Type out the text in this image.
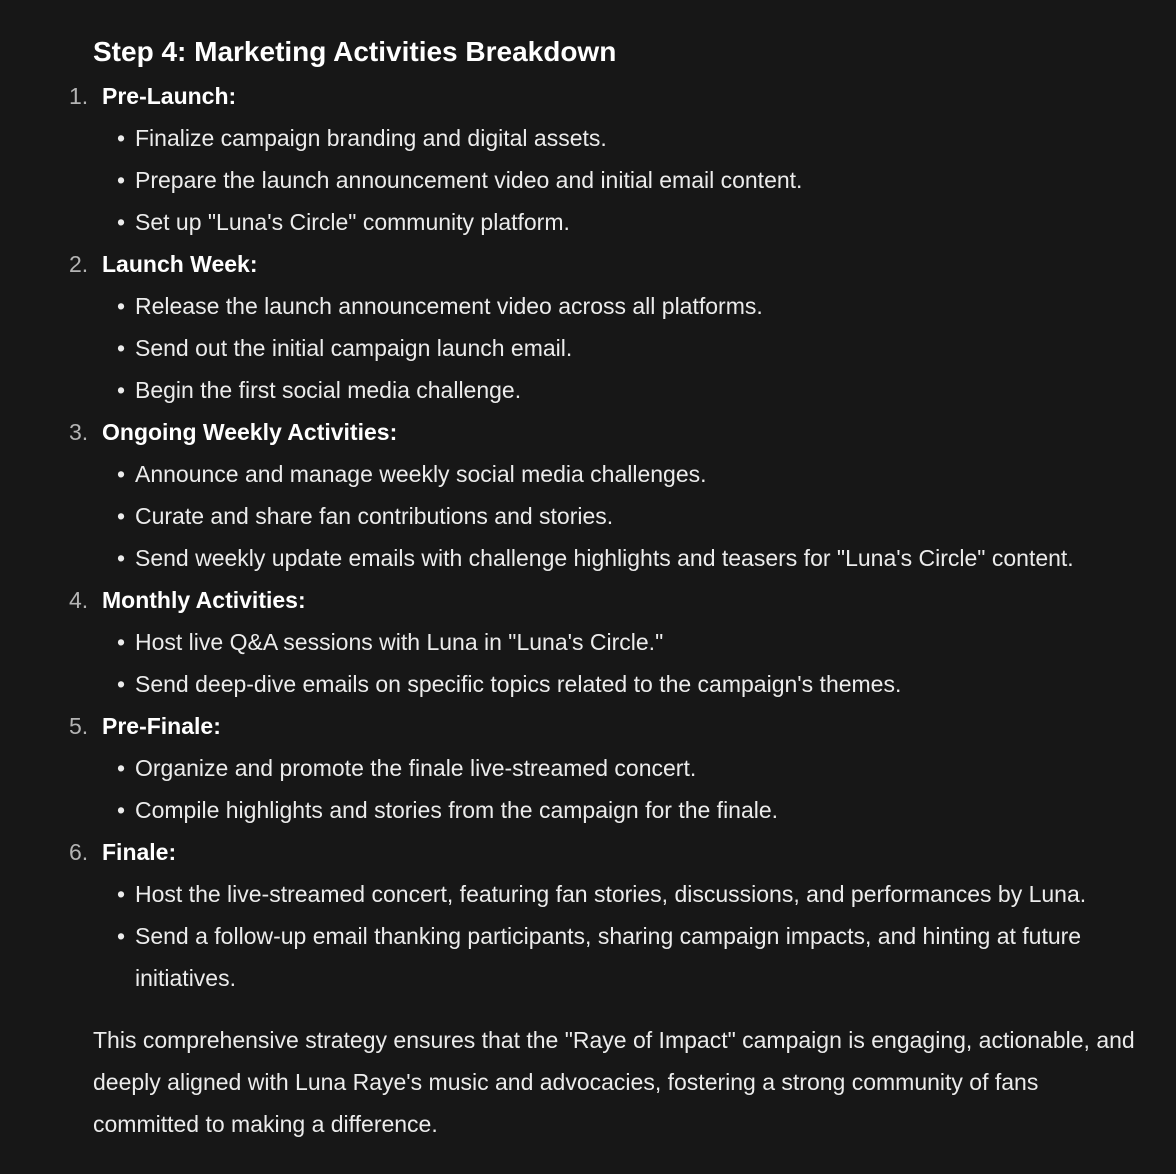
Step 4: Marketing Activities Breakdown
1. Pre-Launch:
• Finalize campaign branding and digital assets.
• Prepare the launch announcement video and initial email content.
• Set up "Luna's Circle" community platform.
2. Launch Week:
• Release the launch announcement video across all platforms.
• Send out the initial campaign launch email.
• Begin the first social media challenge.
3. Ongoing Weekly Activities:
• Announce and manage weekly social media challenges.
• Curate and share fan contributions and stories.
• Send weekly update emails with challenge highlights and teasers for "Luna's Circle" content.
4. Monthly Activities:
• Host live Q&A sessions with Luna in "Luna's Circle."
• Send deep-dive emails on specific topics related to the campaign's themes.
5. Pre-Finale:
• Organize and promote the finale live-streamed concert.
• Compile highlights and stories from the campaign for the finale.
6. Finale:
• Host the live-streamed concert, featuring fan stories, discussions, and performances by Luna.
• Send a follow-up email thanking participants, sharing campaign impacts, and hinting at future initiatives.

This comprehensive strategy ensures that the "Raye of Impact" campaign is engaging, actionable, and deeply aligned with Luna Raye's music and advocacies, fostering a strong community of fans committed to making a difference.
